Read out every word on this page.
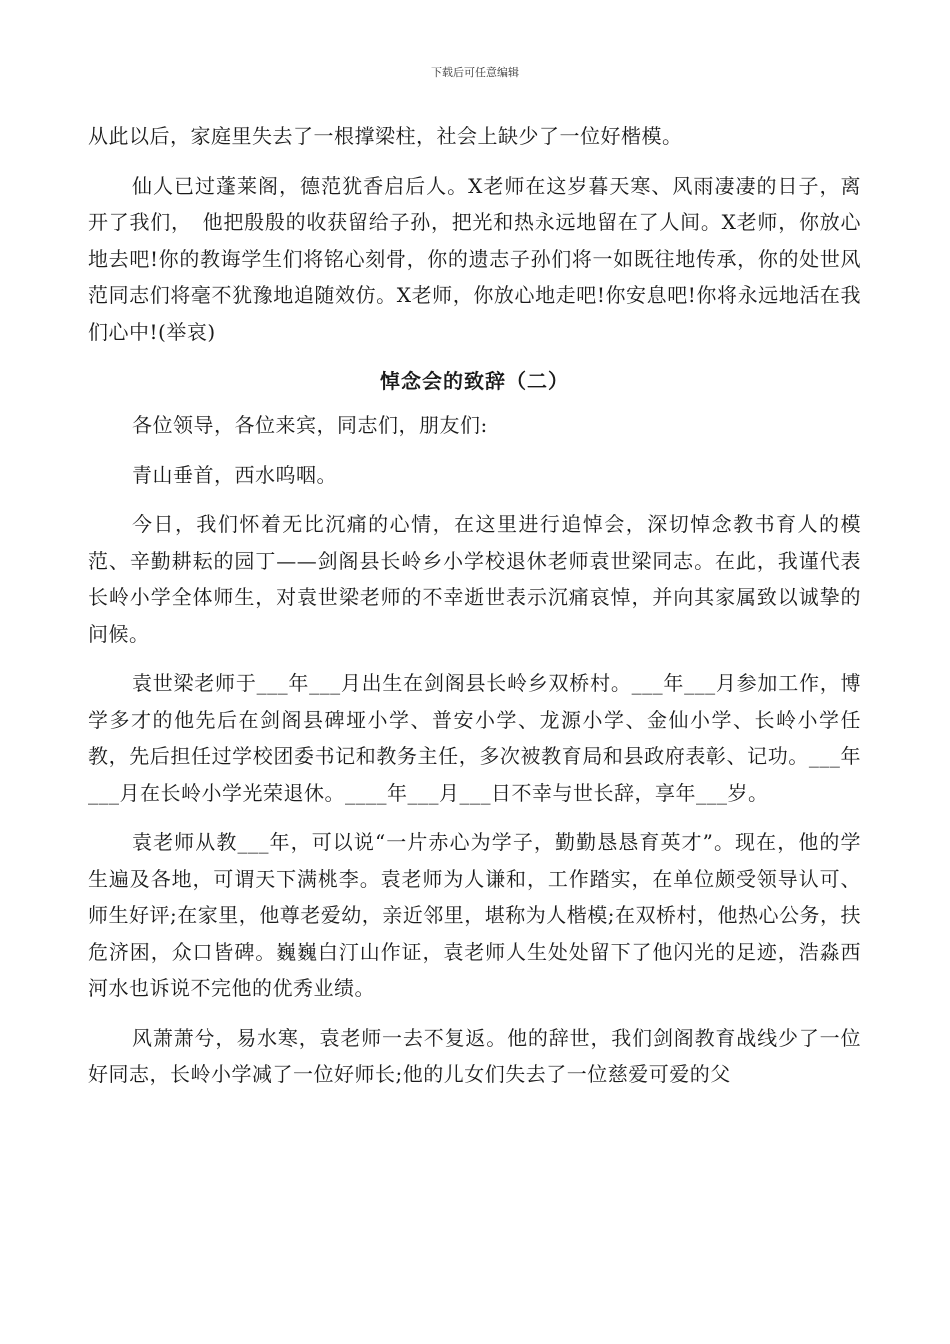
下载后可任意编辑

从此以后，家庭里失去了一根撑梁柱，社会上缺少了一位好楷模。

仙人已过蓬莱阁，德范犹香启后人。X老师在这岁暮天寒、风雨凄凄的日子，离开了我们，　他把殷殷的收获留给子孙，把光和热永远地留在了人间。X老师，你放心地去吧!你的教诲学生们将铭心刻骨，你的遗志子孙们将一如既往地传承，你的处世风范同志们将毫不犹豫地追随效仿。X老师，你放心地走吧!你安息吧!你将永远地活在我们心中!(举哀)

悼念会的致辞（二）

各位领导，各位来宾，同志们，朋友们:

青山垂首，西水呜咽。

今日，我们怀着无比沉痛的心情，在这里进行追悼会，深切悼念教书育人的模范、辛勤耕耘的园丁——剑阁县长岭乡小学校退休老师袁世梁同志。在此，我谨代表长岭小学全体师生，对袁世梁老师的不幸逝世表示沉痛哀悼，并向其家属致以诚挚的问候。

袁世梁老师于___年___月出生在剑阁县长岭乡双桥村。___年___月参加工作，博学多才的他先后在剑阁县碑垭小学、普安小学、龙源小学、金仙小学、长岭小学任教，先后担任过学校团委书记和教务主任，多次被教育局和县政府表彰、记功。___年___月在长岭小学光荣退休。____年___月___日不幸与世长辞，享年___岁。

袁老师从教___年，可以说“一片赤心为学子，勤勤恳恳育英才”。现在，他的学生遍及各地，可谓天下满桃李。袁老师为人谦和，工作踏实，在单位颇受领导认可、师生好评;在家里，他尊老爱幼，亲近邻里，堪称为人楷模;在双桥村，他热心公务，扶危济困，众口皆碑。巍巍白汀山作证，袁老师人生处处留下了他闪光的足迹，浩淼西河水也诉说不完他的优秀业绩。

风萧萧兮，易水寒，袁老师一去不复返。他的辞世，我们剑阁教育战线少了一位好同志，长岭小学减了一位好师长;他的儿女们失去了一位慈爱可爱的父
